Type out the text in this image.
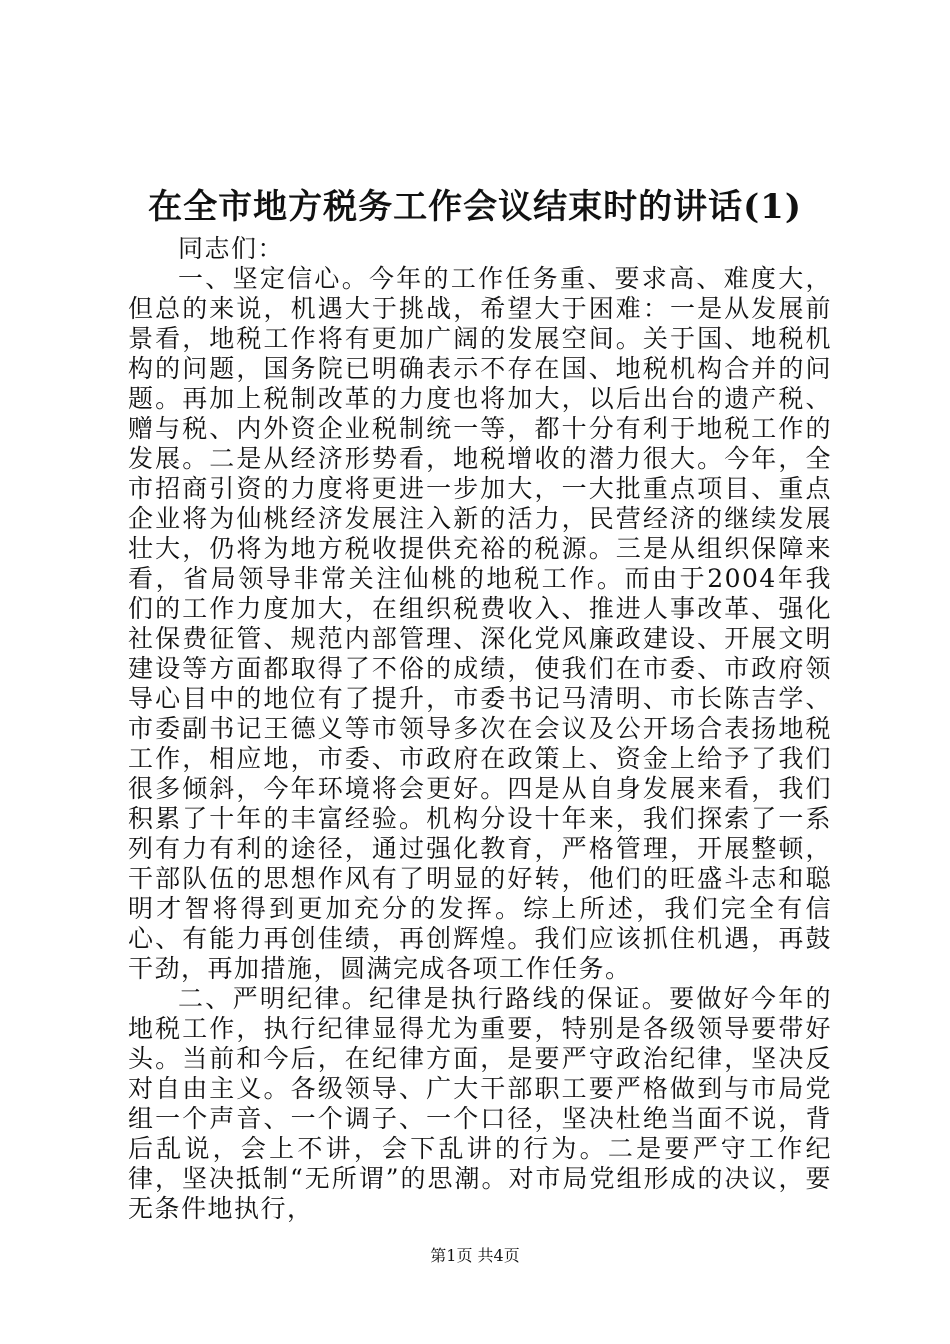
在全市地方税务工作会议结束时的讲话(1)

同志们：

一、坚定信心。今年的工作任务重、要求高、难度大，但总的来说，机遇大于挑战，希望大于困难：一是从发展前景看，地税工作将有更加广阔的发展空间。关于国、地税机构的问题，国务院已明确表示不存在国、地税机构合并的问题。再加上税制改革的力度也将加大，以后出台的遗产税、赠与税、内外资企业税制统一等，都十分有利于地税工作的发展。二是从经济形势看，地税增收的潜力很大。今年，全市招商引资的力度将更进一步加大，一大批重点项目、重点企业将为仙桃经济发展注入新的活力，民营经济的继续发展壮大，仍将为地方税收提供充裕的税源。三是从组织保障来看，省局领导非常关注仙桃的地税工作。而由于2004年我们的工作力度加大，在组织税费收入、推进人事改革、强化社保费征管、规范内部管理、深化党风廉政建设、开展文明建设等方面都取得了不俗的成绩，使我们在市委、市政府领导心目中的地位有了提升，市委书记马清明、市长陈吉学、市委副书记王德义等市领导多次在会议及公开场合表扬地税工作，相应地，市委、市政府在政策上、资金上给予了我们很多倾斜，今年环境将会更好。四是从自身发展来看，我们积累了十年的丰富经验。机构分设十年来，我们探索了一系列有力有利的途径，通过强化教育，严格管理，开展整顿，干部队伍的思想作风有了明显的好转，他们的旺盛斗志和聪明才智将得到更加充分的发挥。综上所述，我们完全有信心、有能力再创佳绩，再创辉煌。我们应该抓住机遇，再鼓干劲，再加措施，圆满完成各项工作任务。

二、严明纪律。纪律是执行路线的保证。要做好今年的地税工作，执行纪律显得尤为重要，特别是各级领导要带好头。当前和今后，在纪律方面，是要严守政治纪律，坚决反对自由主义。各级领导、广大干部职工要严格做到与市局党组一个声音、一个调子、一个口径，坚决杜绝当面不说，背后乱说，会上不讲，会下乱讲的行为。二是要严守工作纪律，坚决抵制“无所谓”的思潮。对市局党组形成的决议，要无条件地执行，

第1页 共4页
